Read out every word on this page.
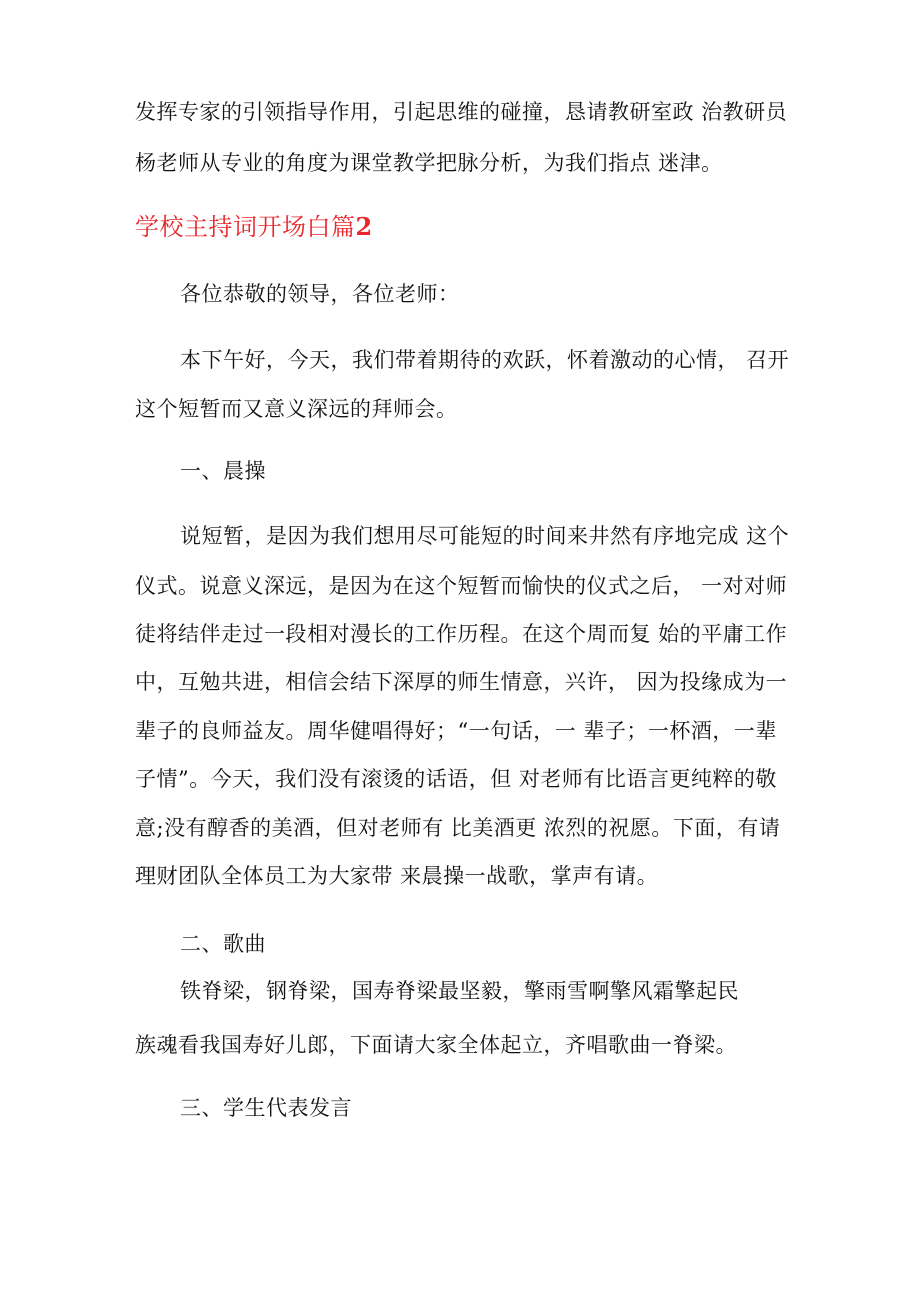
发挥专家的引领指导作用，引起思维的碰撞，恳请教研室政 治教研员
杨老师从专业的角度为课堂教学把脉分析，为我们指点 迷津。
学校主持词开场白篇2
各位恭敬的领导，各位老师：
本下午好，今天，我们带着期待的欢跃，怀着激动的心情， 召开
这个短暂而又意义深远的拜师会。
一、晨操
说短暂，是因为我们想用尽可能短的时间来井然有序地完成 这个
仪式。说意义深远，是因为在这个短暂而愉快的仪式之后， 一对对师
徒将结伴走过一段相对漫长的工作历程。在这个周而复 始的平庸工作
中，互勉共进，相信会结下深厚的师生情意，兴许， 因为投缘成为一
辈子的良师益友。周华健唱得好；“一句话，一 辈子；一杯酒，一辈
子情”。今天，我们没有滚烫的话语，但 对老师有比语言更纯粹的敬
意;没有醇香的美酒，但对老师有 比美酒更 浓烈的祝愿。下面，有请
理财团队全体员工为大家带 来晨操一战歌，掌声有请。
二、歌曲
铁脊梁，钢脊梁，国寿脊梁最坚毅，擎雨雪啊擎风霜擎起民
族魂看我国寿好儿郎，下面请大家全体起立，齐唱歌曲一脊梁。
三、学生代表发言
